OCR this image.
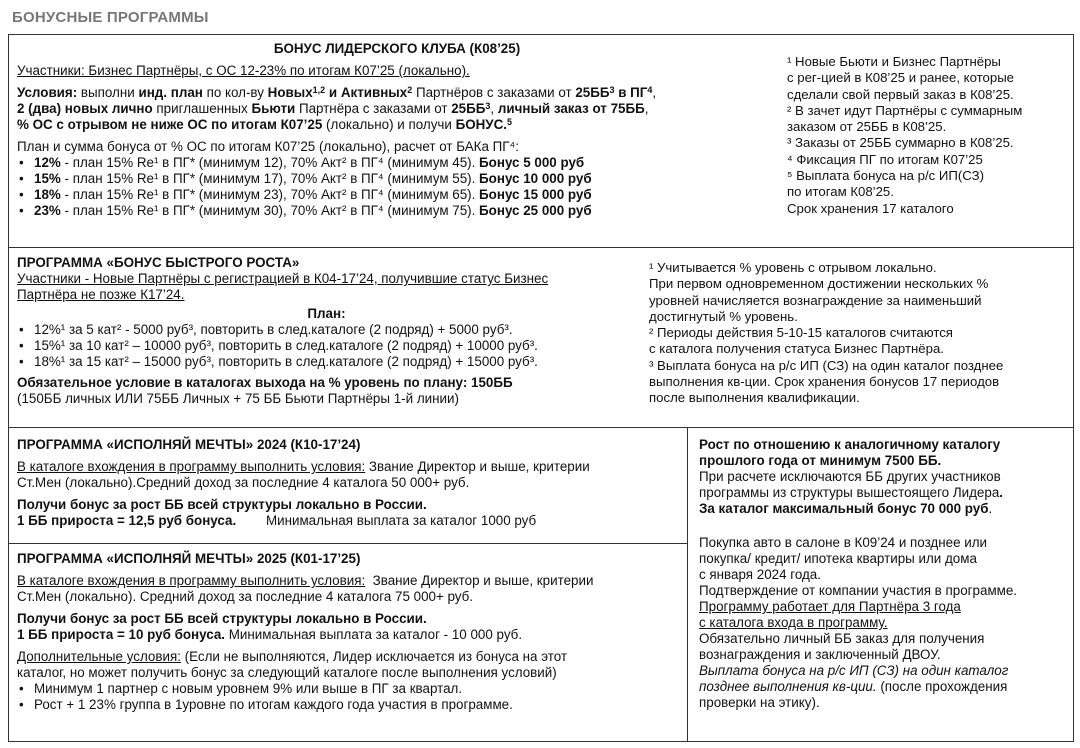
БОНУСНЫЕ ПРОГРАММЫ

БОНУС ЛИДЕРСКОГО КЛУБА (К08’25)

Участники: Бизнес Партнёры, с ОС 12-23% по итогам К07’25 (локально).

Условия: выполни инд. план по кол-ву Новых$^{1,2}$ и Активных$^2$ Партнёров с заказами от $25ББ^3$ в $ПГ^4$,

2 (два) новых лично приглашенных Бьюти Партнёра с заказами от $25ББ^3$, личный заказ от 75ББ,

% ОС с отрывом не ниже ОС по итогам К07’25 (локально) и получи БОНУС.$^5$

План и сумма бонуса от % ОС по итогам К07’25 (локально), расчет от БАКа ПГ⁴:

• 12% - план 15% Re¹ в ПГ* (минимум 12), 70% Акт² в ПГ⁴ (минимум 45). Бонус 5 000 руб
• 15% - план 15% Re¹ в ПГ* (минимум 17), 70% Акт² в ПГ⁴ (минимум 55). Бонус 10 000 руб
• 18% - план 15% Re¹ в ПГ* (минимум 23), 70% Акт² в ПГ⁴ (минимум 65). Бонус 15 000 руб
• 23% - план 15% Re¹ в ПГ* (минимум 30), 70% Акт² в ПГ⁴ (минимум 75). Бонус 25 000 руб

¹ Новые Бьюти и Бизнес Партнёры

с рег-цией в К08’25 и ранее, которые

сделали свой первый заказ в К08’25.

² В зачет идут Партнёры с суммарным

заказом от 25ББ в К08’25.

³ Заказы от 25ББ суммарно в К08’25.

⁴ Фиксация ПГ по итогам К07’25

⁵ Выплата бонуса на р/с ИП(СЗ)

по итогам К08’25.

Срок хранения 17 каталого

ПРОГРАММА «БОНУС БЫСТРОГО РОСТА»

Участники - Новые Партнёры с регистрацией в К04-17’24, получившие статус Бизнес

Партнёра не позже К17’24.

План:

• 12%¹ за 5 кат² - 5000 руб³, повторить в след.каталоге (2 подряд) + 5000 руб³.
• 15%¹ за 10 кат² – 10000 руб³, повторить в след.каталоге (2 подряд) + 10000 руб³.
• 18%¹ за 15 кат² – 15000 руб³, повторить в след.каталоге (2 подряд) + 15000 руб³.

Обязательное условие в каталогах выхода на % уровень по плану: 150ББ

(150ББ личных ИЛИ 75ББ Личных + 75 ББ Бьюти Партнёры 1-й линии)

¹ Учитывается % уровень с отрывом локально.

При первом одновременном достижении нескольких %

уровней начисляется вознаграждение за наименьший

достигнутый % уровень.

² Периоды действия 5-10-15 каталогов считаются

с каталога получения статуса Бизнес Партнёра.

³ Выплата бонуса на р/с ИП (СЗ) на один каталог позднее

выполнения кв-ции. Срок хранения бонусов 17 периодов

после выполнения квалификации.

ПРОГРАММА «ИСПОЛНЯЙ МЕЧТЫ» 2024 (К10-17’24)

В каталоге вхождения в программу выполнить условия: Звание Директор и выше, критерии

Ст.Мен (локально).Средний доход за последние 4 каталога 50 000+ руб.

Получи бонус за рост ББ всей структуры локально в России.

1 ББ прироста = 12,5 руб бонуса.        Минимальная выплата за каталог 1000 руб

ПРОГРАММА «ИСПОЛНЯЙ МЕЧТЫ» 2025 (К01-17’25)

В каталоге вхождения в программу выполнить условия:  Звание Директор и выше, критерии

Ст.Мен (локально). Средний доход за последние 4 каталога 75 000+ руб.

Получи бонус за рост ББ всей структуры локально в России.

1 ББ прироста = 10 руб бонуса. Минимальная выплата за каталог - 10 000 руб.

Дополнительные условия: (Если не выполняются, Лидер исключается из бонуса на этот

каталог, но может получить бонус за следующий каталоге после выполнения условий)

• Минимум 1 партнер с новым уровнем 9% или выше в ПГ за квартал.
• Рост + 1 23% группа в 1уровне по итогам каждого года участия в программе.

Рост по отношению к аналогичному каталогу

прошлого года от минимум 7500 ББ.

При расчете исключаются ББ других участников

программы из структуры вышестоящего Лидера.

За каталог максимальный бонус 70 000 руб.

Покупка авто в салоне в К09’24 и позднее или

покупка/ кредит/ ипотека квартиры или дома

с января 2024 года.

Подтверждение от компании участия в программе.

Программу работает для Партнёра 3 года

с каталога входа в программу.

Обязательно личный ББ заказ для получения

вознаграждения и заключенный ДВОУ.

Выплата бонуса на р/с ИП (СЗ) на один каталог

позднее выполнения кв-ции. (после прохождения

проверки на этику).
